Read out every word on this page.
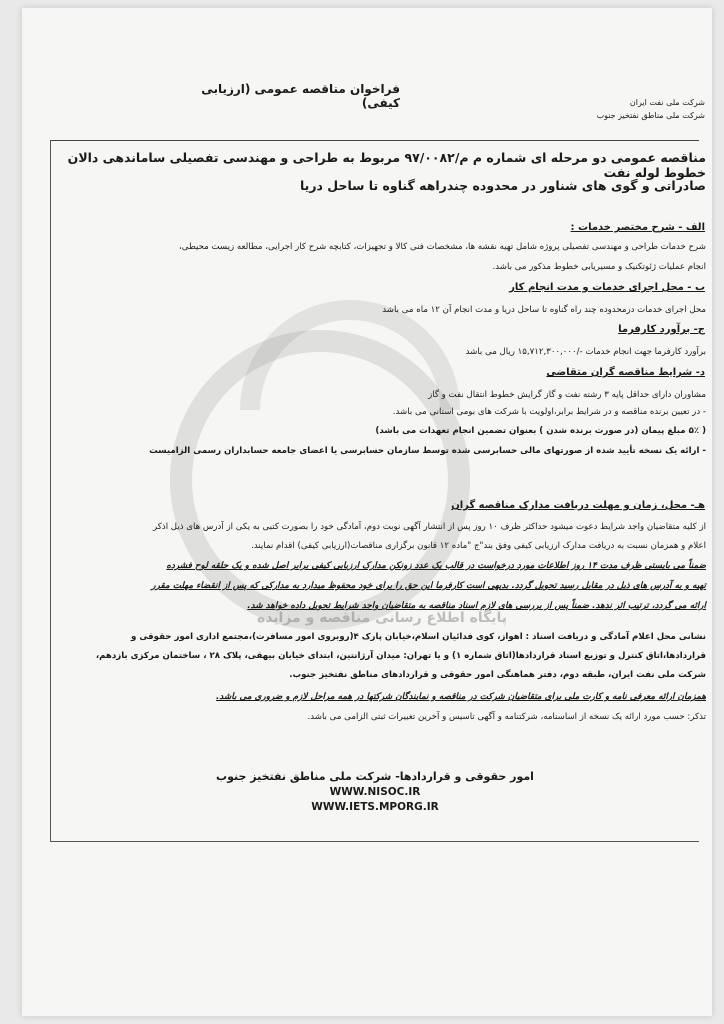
فراخوان مناقصه عمومی (ارزیابی کیفی)	شرکت ملی نفت ایران
شرکت ملی مناطق نفتخیز جنوب
مناقصه عمومی دو مرحله ای شماره م م/۹۷/۰۰۸۲ مربوط به طراحی و مهندسی تفصیلی ساماندهی دالان خطوط لوله نفت
صادراتی و گوی های شناور در محدوده چندراهه گناوه تا ساحل دریا
الف - شرح مختصر خدمات :
شرح خدمات طراحی و مهندسی تفصیلی پروژه شامل تهیه نقشه ها، مشخصات فنی کالا و تجهیزات، کتابچه شرح کار اجرایی، مطالعه زیست محیطی،
انجام عملیات ژئوتکنیک و مسیریابی خطوط مذکور می باشد.
ب - محل اجرای خدمات و مدت انجام کار
محل اجرای خدمات درمحدوده چند راه گناوه تا ساحل دریا و مدت انجام آن ۱۲ ماه می باشد
ج- برآورد کارفرما
برآورد کارفرما جهت انجام خدمات -/۱۵,۷۱۲,۳۰۰,۰۰۰ ریال می باشد
د- شرایط مناقصه گران متقاضی
مشاوران دارای حداقل پایه ۳ رشته نفت و گاز گرایش خطوط انتقال نفت و گاز
- در تعیین برنده مناقصه و در شرایط برابر،اولویت با شرکت های بومی استانی می باشد.
( ۵٪ مبلغ پیمان (در صورت برنده شدن ) بعنوان تضمین انجام تعهدات می باشد)
- ارائه یک نسخه تأیید شده از صورتهای مالی حسابرسی شده توسط سازمان حسابرسی یا اعضای جامعه حسابداران رسمی الزامیست
هـ- محل، زمان و مهلت دریافت مدارک مناقصه گران
از کلیه متقاضیان واجد شرایط دعوت میشود حداکثر ظرف ۱۰ روز پس از انتشار آگهی نوبت دوم، آمادگی خود را بصورت کتبی به یکی از آدرس های ذیل اذکر
اعلام و همزمان نسبت به دریافت مدارک ارزیابی کیفی وفق بند"ج "ماده ۱۲ قانون برگزاری مناقصات(ارزیابی کیفی) اقدام نمایند.
ضمناً می بایستی ظرف مدت ۱۴ روز اطلاعات مورد درخواست در قالب یک عدد زونکن مدارک ارزیابی کیفی برابر اصل شده و یک حلقه لوح فشرده
تهیه و به آدرس های ذیل در مقابل رسید تحویل گردد. بدیهی است کارفرما این حق را برای خود محفوظ میدارد به مدارکی که پس از انقضاء مهلت مقرر
ارائه می گردد، ترتیب اثر ندهد. ضمناً پس از بررسی های لازم اسناد مناقصه به متقاضیان واجد شرایط تحویل داده خواهد شد.
پایگاه اطلاع رسانی مناقصه و مزایده
نشانی محل اعلام آمادگی و دریافت اسناد : اهواز، کوی فدائیان اسلام،خیابان پارک ۴(روبروی امور مسافرت)،مجتمع اداری امور حقوقی و
قراردادها،اتاق کنترل و توزیع اسناد قراردادها(اتاق شماره ۱) و یا تهران: میدان آرژانتین، ابتدای خیابان بیهقی، پلاک ۲۸ ، ساختمان مرکزی بازدهم،
شرکت ملی نفت ایران، طبقه دوم، دفتر هماهنگی امور حقوقی و قراردادهای مناطق نفتخیز جنوب.
همزمان ارائه معرفی نامه و کارت ملی برای متقاضیان شرکت در مناقصه و نمایندگان شرکتها در همه مراحل لازم و ضروری می باشد.
تذکر: حسب مورد ارائه یک نسخه از اساسنامه، شرکتنامه و آگهی تاسیس و آخرین تغییرات ثبتی الزامی می باشد.
امور حقوقی و قراردادها- شرکت ملی مناطق نفتخیز جنوب
WWW.NISOC.IR
WWW.IETS.MPORG.IR
